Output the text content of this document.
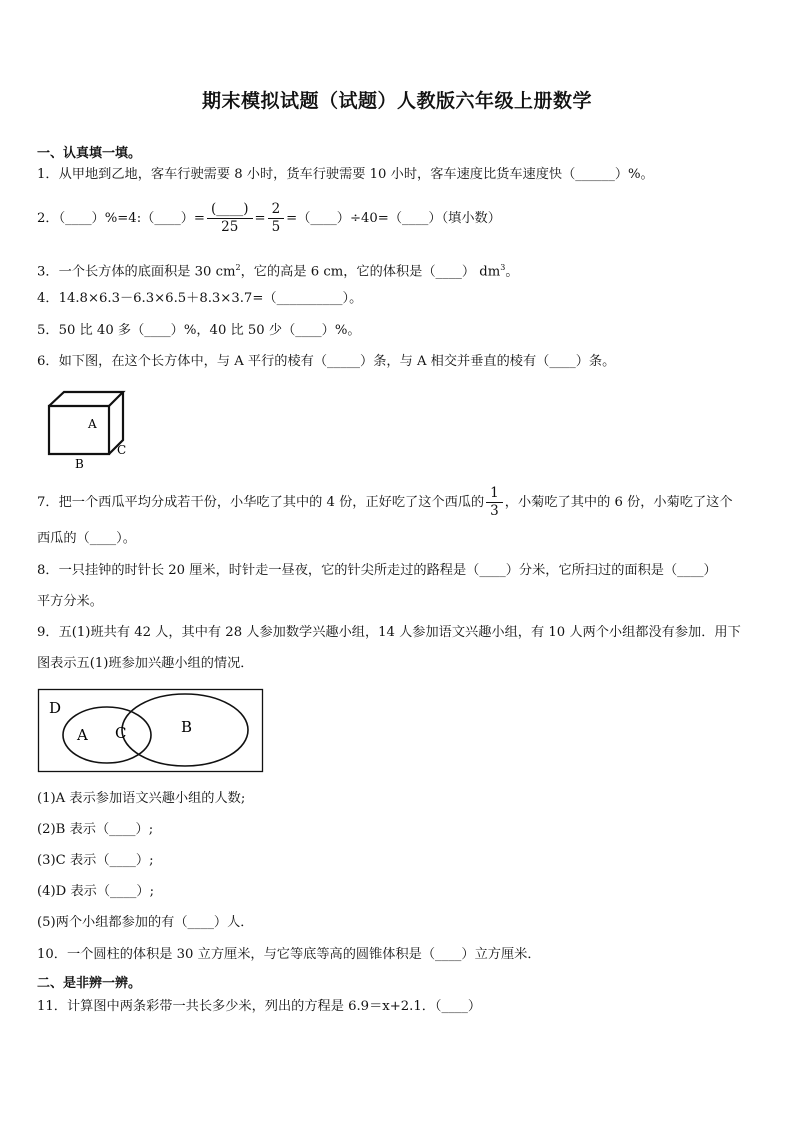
期末模拟试题（试题）人教版六年级上册数学
一、认真填一填。
1．从甲地到乙地，客车行驶需要 8 小时，货车行驶需要 10 小时，客车速度比货车速度快（______）%。
2．（____）%=4:（____）= $\frac{(\_\_\_\_)}{25} = \frac{2}{5}$ =（____）÷40=（____）（填小数）
3．一个长方体的底面积是 30 $cm^2$，它的高是 6 cm，它的体积是（____） $dm^3$。
4．14.8×6.3－6.3×6.5＋8.3×3.7=（__________）。
5．50 比 40 多（____）%，40 比 50 少（____）%。
6．如下图，在这个长方体中，与 A 平行的棱有（_____）条，与 A 相交并垂直的棱有（____）条。
A
B
C
7．把一个西瓜平均分成若干份，小华吃了其中的 4 份，正好吃了这个西瓜的 $\frac{1}{3}$ ，小菊吃了其中的 6 份，小菊吃了这个
西瓜的（____）。
8．一只挂钟的时针长 20 厘米，时针走一昼夜，它的针尖所走过的路程是（____）分米，它所扫过的面积是（____）
平方分米。
9．五(1)班共有 42 人，其中有 28 人参加数学兴趣小组，14 人参加语文兴趣小组，有 10 人两个小组都没有参加．用下
图表示五(1)班参加兴趣小组的情况．
D
A C	B
(1)A 表示参加语文兴趣小组的人数;
(2)B 表示（____）;
(3)C 表示（____）;
(4)D 表示（____）;
(5)两个小组都参加的有（____）人．
10．一个圆柱的体积是 30 立方厘米，与它等底等高的圆锥体积是（____）立方厘米．
二、是非辨一辨。
11．计算图中两条彩带一共长多少米，列出的方程是 6.9＝x+2.1．（____）
